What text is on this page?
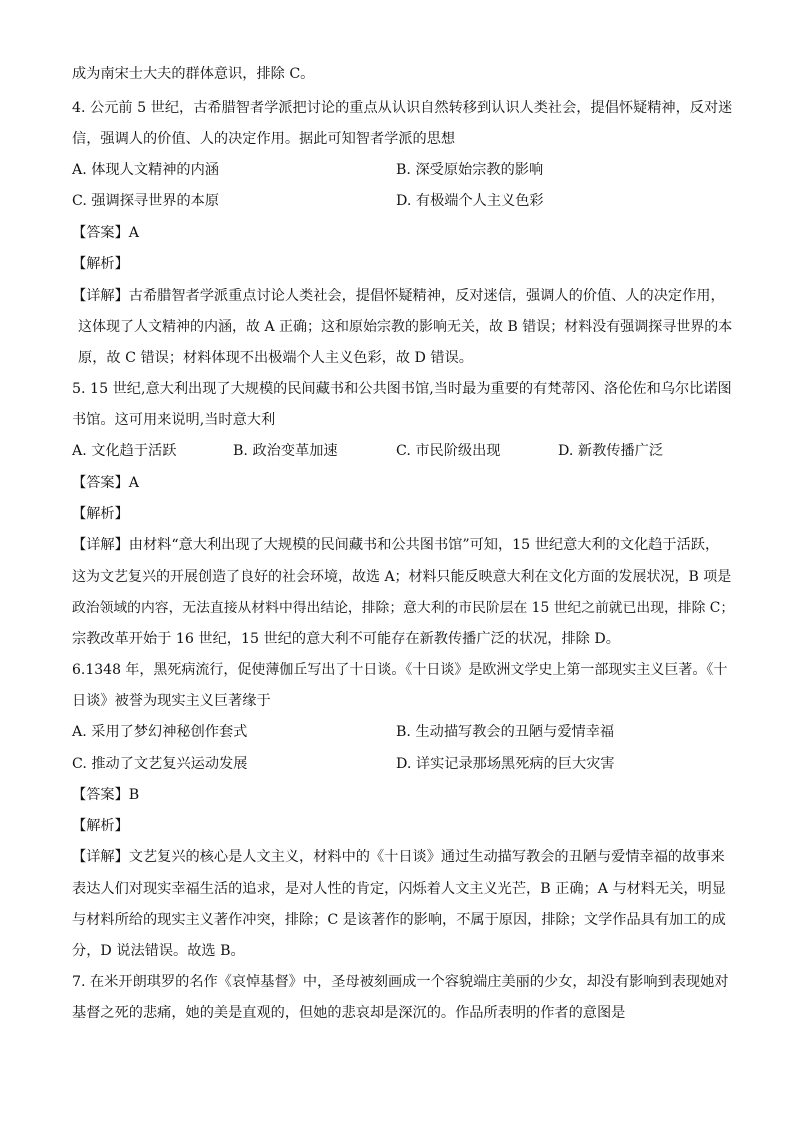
成为南宋士大夫的群体意识，排除 C。
4. 公元前 5 世纪，古希腊智者学派把讨论的重点从认识自然转移到认识人类社会，提倡怀疑精神，反对迷
信，强调人的价值、人的决定作用。据此可知智者学派的思想
A. 体现人文精神的内涵	B. 深受原始宗教的影响
C. 强调探寻世界的本原	D. 有极端个人主义色彩
【答案】A
【解析】
【详解】古希腊智者学派重点讨论人类社会，提倡怀疑精神，反对迷信，强调人的价值、人的决定作用，
这体现了人文精神的内涵，故 A 正确；这和原始宗教的影响无关，故 B 错误；材料没有强调探寻世界的本
原，故 C 错误；材料体现不出极端个人主义色彩，故 D 错误。
5. 15 世纪,意大利出现了大规模的民间藏书和公共图书馆,当时最为重要的有梵蒂冈、洛伦佐和乌尔比诺图
书馆。这可用来说明,当时意大利
A. 文化趋于活跃	B. 政治变革加速	C. 市民阶级出现	D. 新教传播广泛
【答案】A
【解析】
【详解】由材料“意大利出现了大规模的民间藏书和公共图书馆”可知，15 世纪意大利的文化趋于活跃，
这为文艺复兴的开展创造了良好的社会环境，故选 A；材料只能反映意大利在文化方面的发展状况，B 项是
政治领域的内容，无法直接从材料中得出结论，排除；意大利的市民阶层在 15 世纪之前就已出现，排除 C；
宗教改革开始于 16 世纪，15 世纪的意大利不可能存在新教传播广泛的状况，排除 D。
6.1348 年，黑死病流行，促使薄伽丘写出了十日谈。《十日谈》是欧洲文学史上第一部现实主义巨著。《十
日谈》被誉为现实主义巨著缘于
A. 采用了梦幻神秘创作套式	B. 生动描写教会的丑陋与爱情幸福
C. 推动了文艺复兴运动发展	D. 详实记录那场黑死病的巨大灾害
【答案】B
【解析】
【详解】文艺复兴的核心是人文主义，材料中的《十日谈》通过生动描写教会的丑陋与爱情幸福的故事来
表达人们对现实幸福生活的追求，是对人性的肯定，闪烁着人文主义光芒，B 正确；A 与材料无关，明显
与材料所给的现实主义著作冲突，排除；C 是该著作的影响，不属于原因，排除；文学作品具有加工的成
分，D 说法错误。故选 B。
7. 在米开朗琪罗的名作《哀悼基督》中，圣母被刻画成一个容貌端庄美丽的少女，却没有影响到表现她对
基督之死的悲痛，她的美是直观的，但她的悲哀却是深沉的。作品所表明的作者的意图是
